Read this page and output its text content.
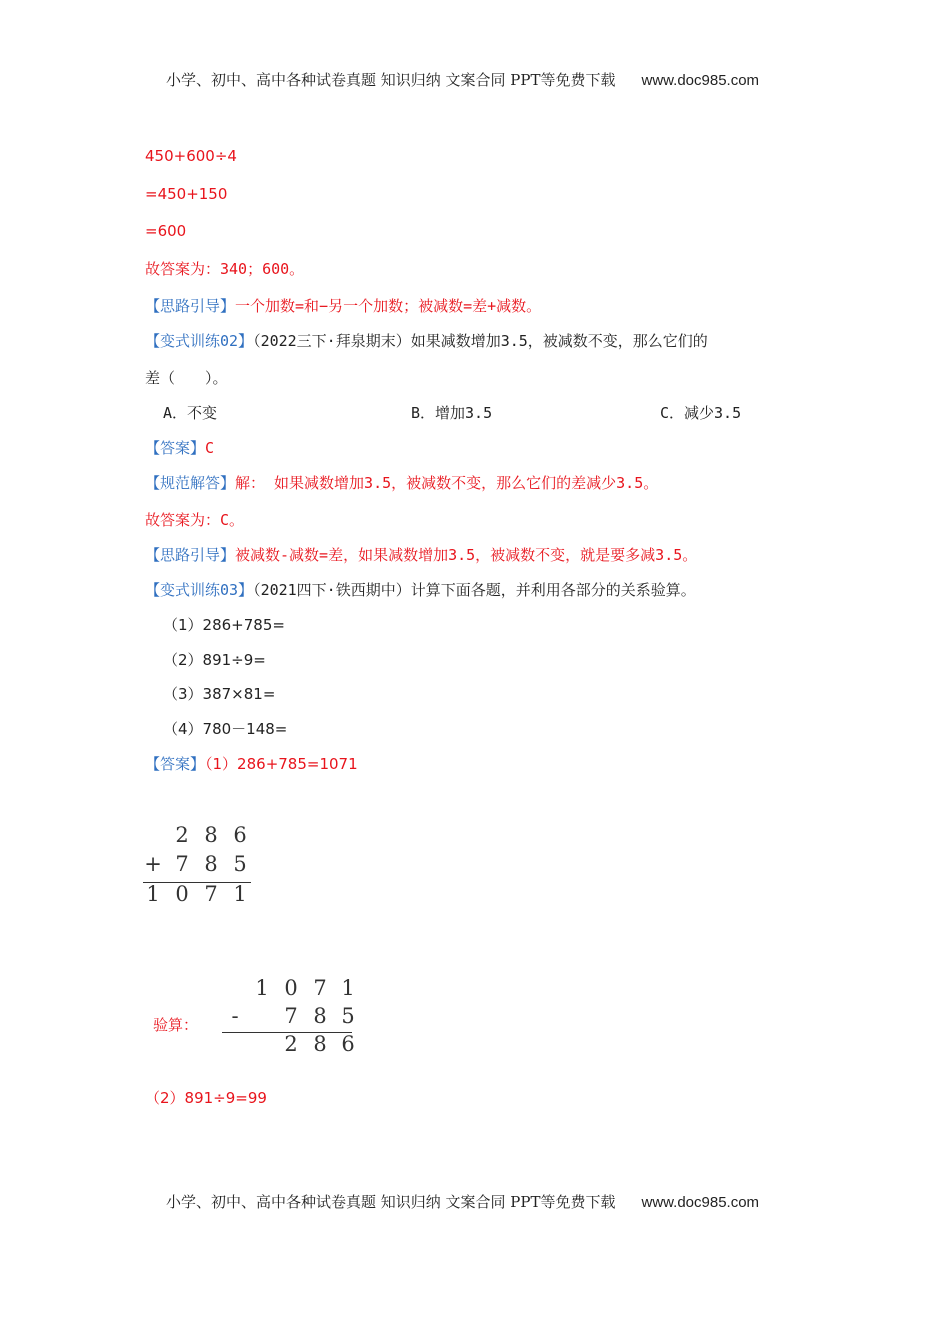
小学、初中、高中各种试卷真题 知识归纳 文案合同 PPT等免费下载 www.doc985.com
450+600÷4
=450+150
=600
故答案为：340；600。
【思路引导】一个加数=和−另一个加数；被减数=差+减数。
【变式训练02】（2022三下·拜泉期末）如果减数增加3.5，被减数不变，那么它们的
差（　　）。
A．不变	B．增加3.5	C．减少3.5
【答案】C
【规范解答】解： 如果减数增加3.5，被减数不变，那么它们的差减少3.5。
故答案为：C。
【思路引导】被减数-减数=差，如果减数增加3.5，被减数不变，就是要多减3.5。
【变式训练03】（2021四下·铁西期中）计算下面各题，并利用各部分的关系验算。
（1）286+785=
（2）891÷9=
（3）387×81=
（4）780－148=
【答案】（1）286+785=1071
2 8 6
+ 7 8 5
1 0 7 1
验算：
1 0 7 1
-	7 8 5
2 8 6
（2）891÷9=99
小学、初中、高中各种试卷真题 知识归纳 文案合同 PPT等免费下载 www.doc985.com
